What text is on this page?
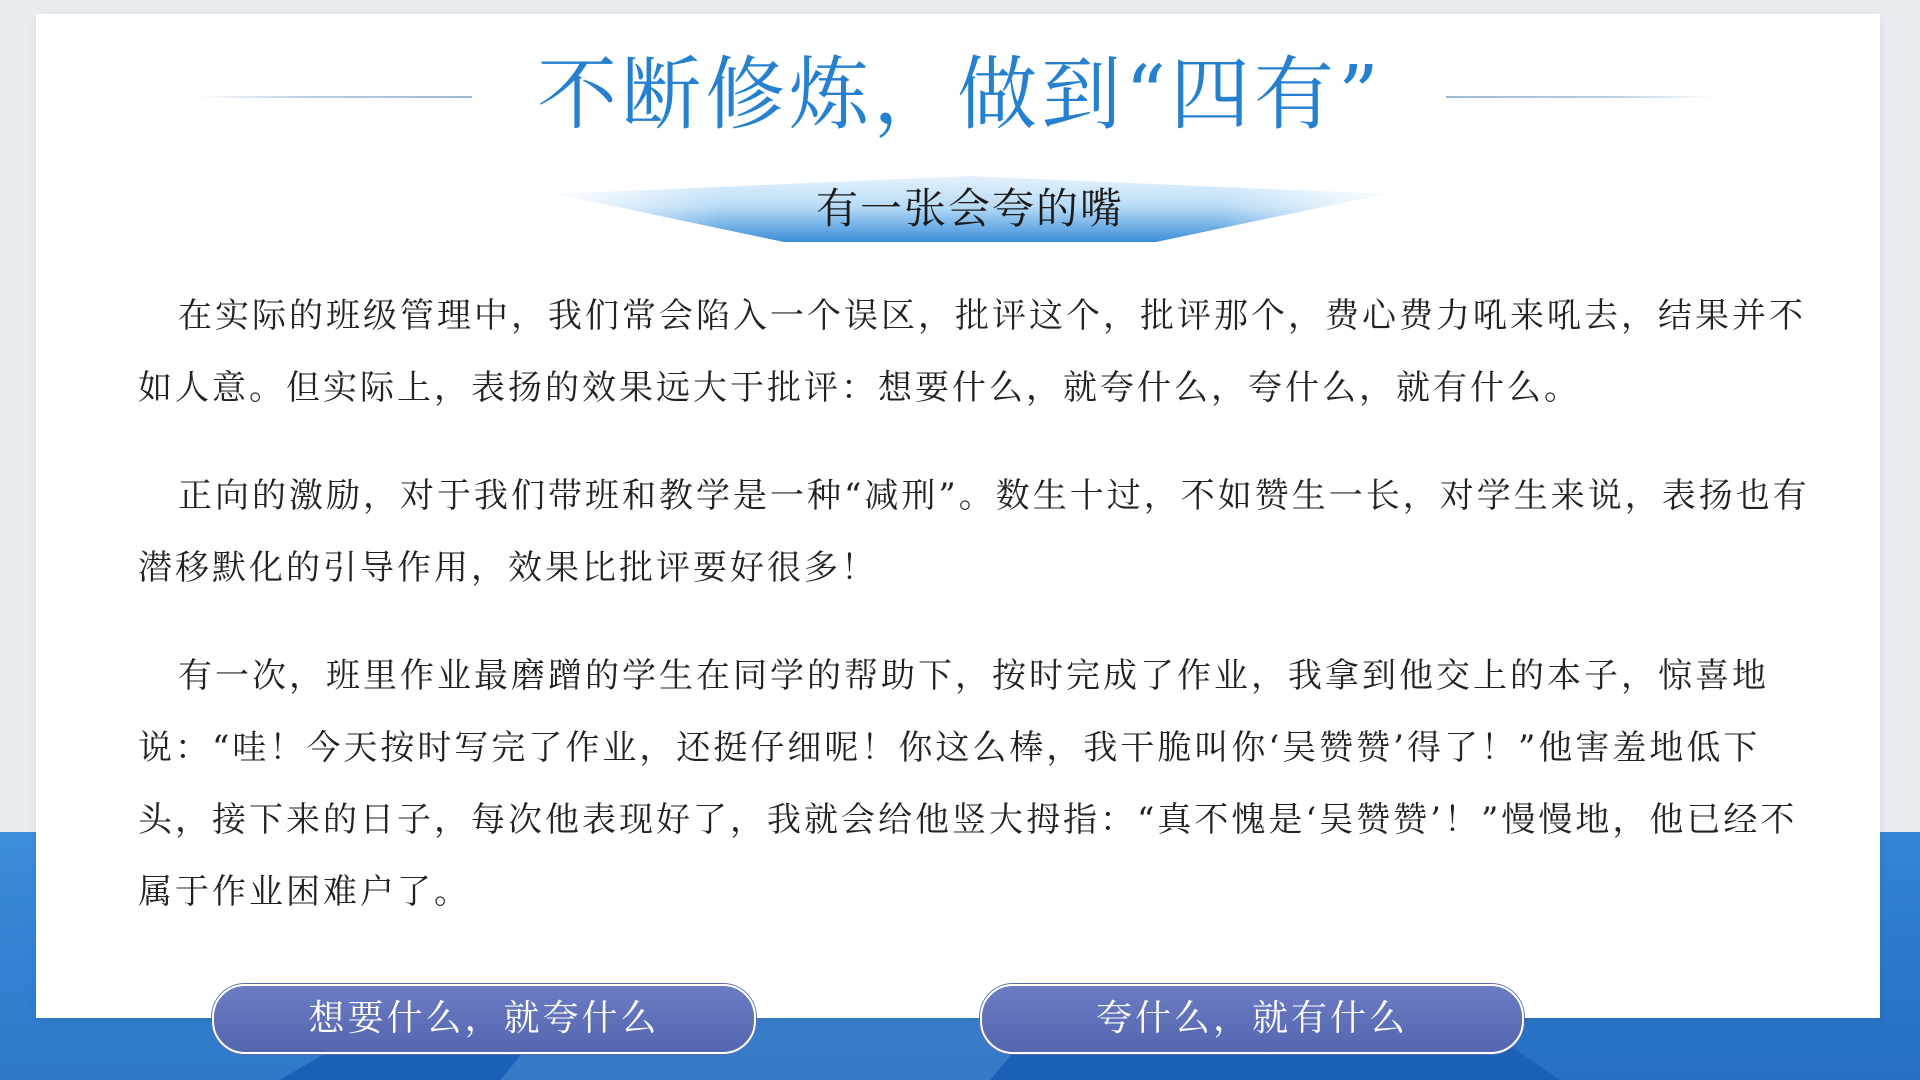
不断修炼，做到“四有”
有一张会夸的嘴
在实际的班级管理中，我们常会陷入一个误区，批评这个，批评那个，费心费力吼来吼去，结果并不如人意。但实际上，表扬的效果远大于批评：想要什么，就夸什么，夸什么，就有什么。
正向的激励，对于我们带班和教学是一种“减刑”。数生十过，不如赞生一长，对学生来说，表扬也有潜移默化的引导作用，效果比批评要好很多！
有一次，班里作业最磨蹭的学生在同学的帮助下，按时完成了作业，我拿到他交上的本子，惊喜地说：“哇！今天按时写完了作业，还挺仔细呢！你这么棒，我干脆叫你‘吴赞赞’得了！”他害羞地低下头，接下来的日子，每次他表现好了，我就会给他竖大拇指：“真不愧是‘吴赞赞’！”慢慢地，他已经不属于作业困难户了。
想要什么，就夸什么	夸什么，就有什么
